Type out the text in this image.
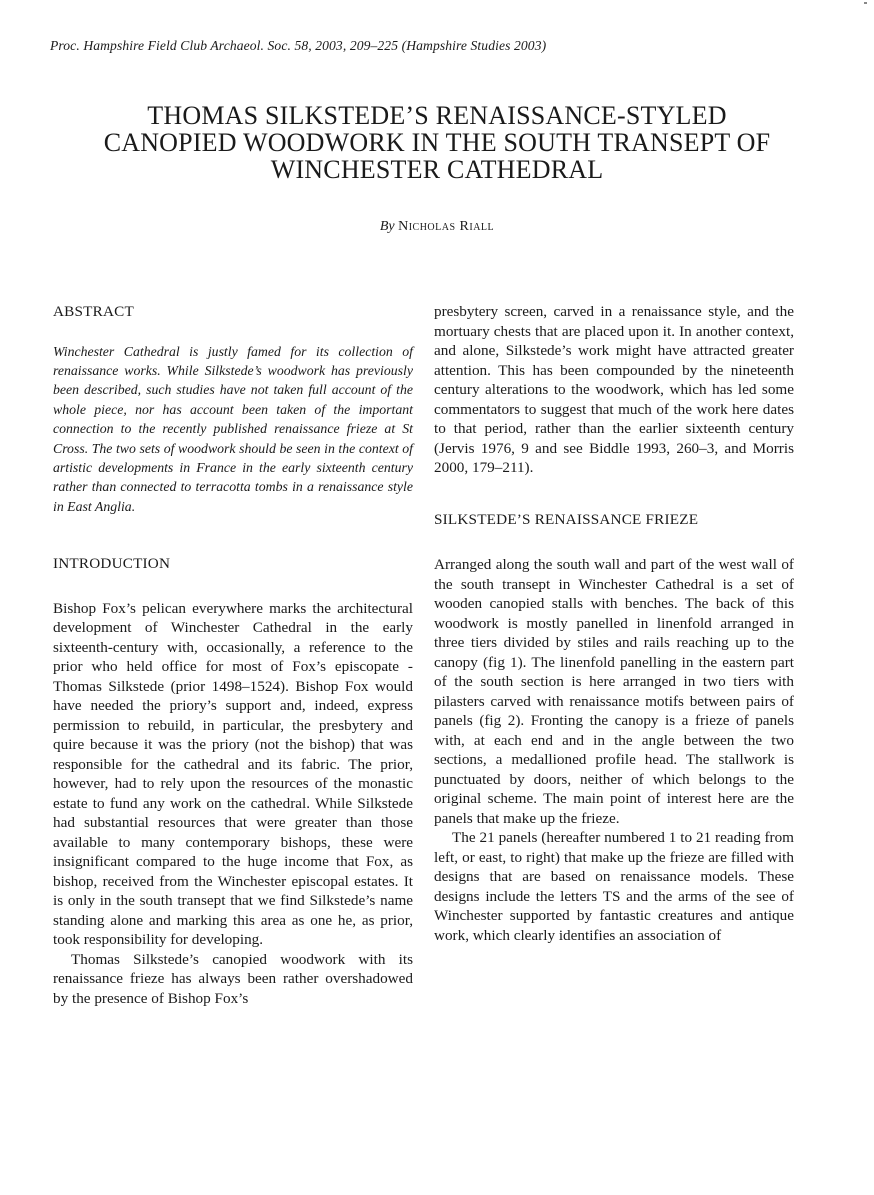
Proc. Hampshire Field Club Archaeol. Soc. 58, 2003, 209–225 (Hampshire Studies 2003)
THOMAS SILKSTEDE’S RENAISSANCE-STYLED
CANOPIED WOODWORK IN THE SOUTH TRANSEPT OF
WINCHESTER CATHEDRAL
By Nicholas Riall
ABSTRACT

Winchester Cathedral is justly famed for its collection of renaissance works. While Silkstede’s woodwork has previously been described, such studies have not taken full account of the whole piece, nor has account been taken of the important connection to the recently published renaissance frieze at St Cross. The two sets of woodwork should be seen in the context of artistic developments in France in the early sixteenth century rather than connected to terracotta tombs in a renaissance style in East Anglia.

INTRODUCTION

Bishop Fox’s pelican everywhere marks the architectural development of Winchester Cathedral in the early sixteenth-century with, occasionally, a reference to the prior who held office for most of Fox’s episcopate - Thomas Silkstede (prior 1498–1524). Bishop Fox would have needed the priory’s support and, indeed, express permission to rebuild, in particular, the presbytery and quire because it was the priory (not the bishop) that was responsible for the cathedral and its fabric. The prior, however, had to rely upon the resources of the monastic estate to fund any work on the cathedral. While Silkstede had substantial resources that were greater than those available to many contemporary bishops, these were insignificant compared to the huge income that Fox, as bishop, received from the Winchester episcopal estates. It is only in the south transept that we find Silkstede’s name standing alone and marking this area as one he, as prior, took responsibility for developing.

Thomas Silkstede’s canopied woodwork with its renaissance frieze has always been rather overshadowed by the presence of Bishop Fox’s

presbytery screen, carved in a renaissance style, and the mortuary chests that are placed upon it. In another context, and alone, Silkstede’s work might have attracted greater attention. This has been compounded by the nineteenth century alterations to the woodwork, which has led some commentators to suggest that much of the work here dates to that period, rather than the earlier sixteenth century (Jervis 1976, 9 and see Biddle 1993, 260–3, and Morris 2000, 179–211).

SILKSTEDE’S RENAISSANCE FRIEZE

Arranged along the south wall and part of the west wall of the south transept in Winchester Cathedral is a set of wooden canopied stalls with benches. The back of this woodwork is mostly panelled in linenfold arranged in three tiers divided by stiles and rails reaching up to the canopy (fig 1). The linenfold panelling in the eastern part of the south section is here arranged in two tiers with pilasters carved with renaissance motifs between pairs of panels (fig 2). Fronting the canopy is a frieze of panels with, at each end and in the angle between the two sections, a medallioned profile head. The stallwork is punctuated by doors, neither of which belongs to the original scheme. The main point of interest here are the panels that make up the frieze.

The 21 panels (hereafter numbered 1 to 21 reading from left, or east, to right) that make up the frieze are filled with designs that are based on renaissance models. These designs include the letters TS and the arms of the see of Winchester supported by fantastic creatures and antique work, which clearly identifies an association of
